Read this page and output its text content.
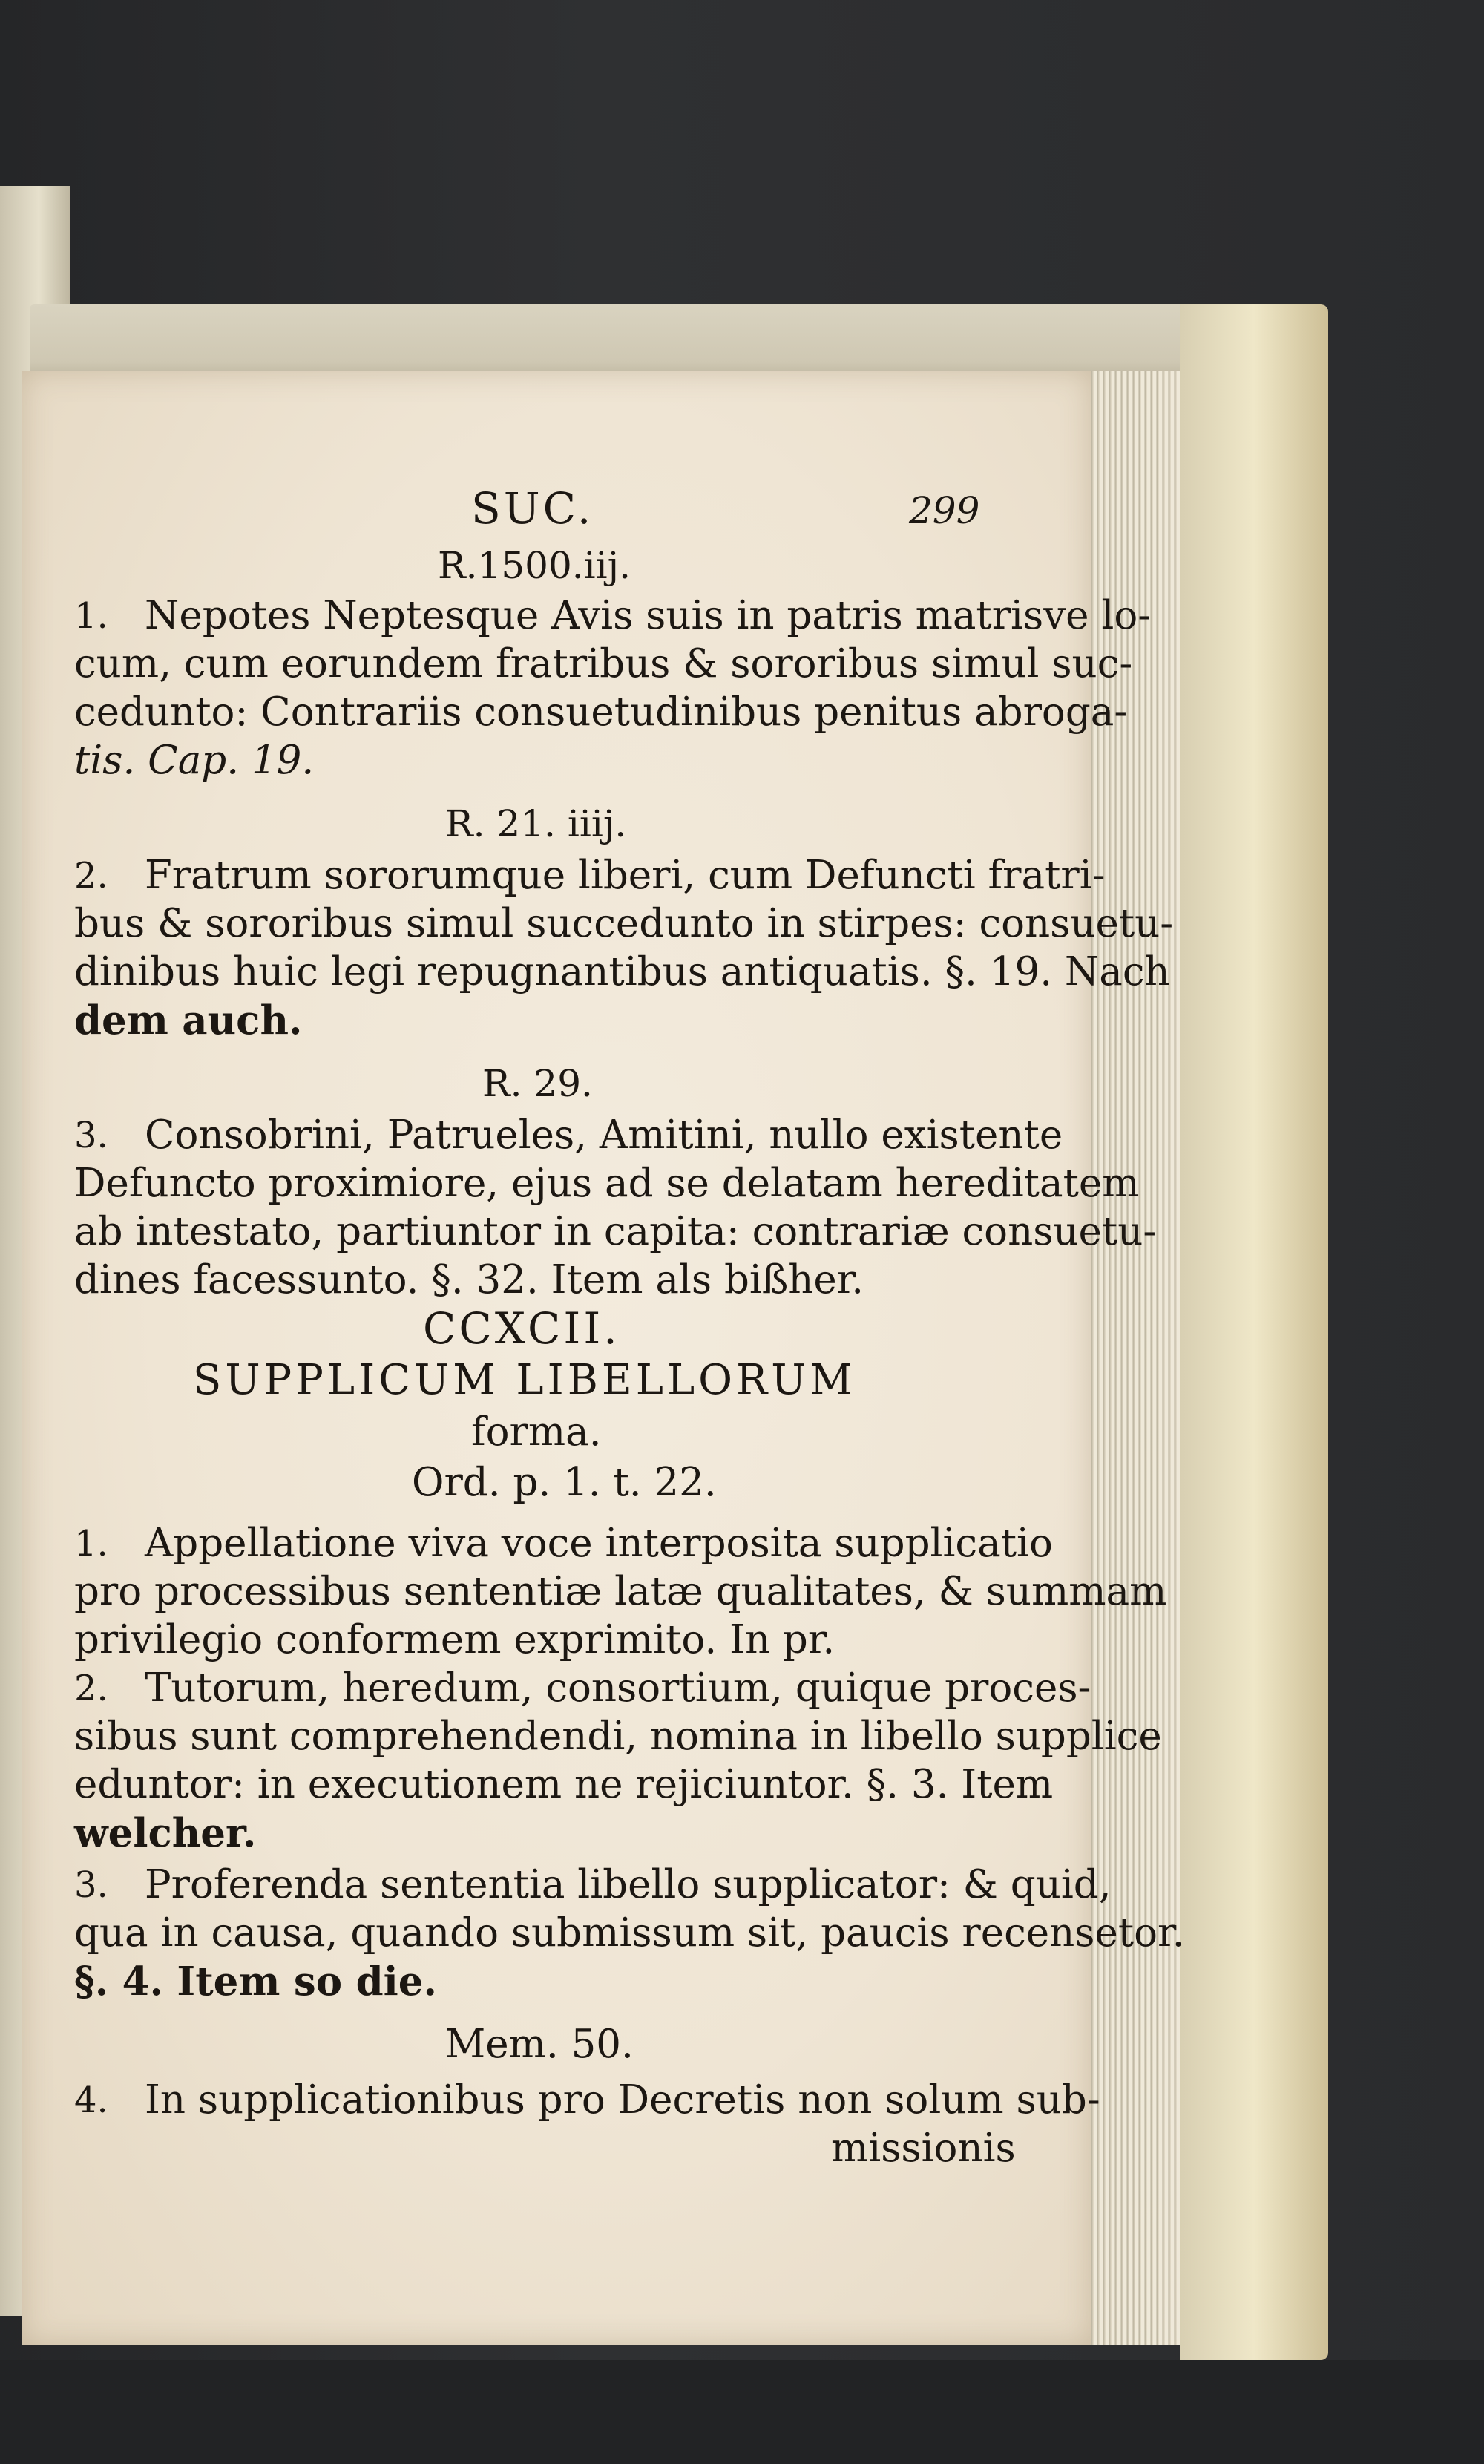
SUC.	299
R.1500.iij.
1. Nepotes Neptesque Avis suis in patris matrisve lo-
cum, cum eorundem fratribus & sororibus simul suc-
cedunto: Contrariis consuetudinibus penitus abroga-
tis. Cap. 19.
R. 21. iiij.
2. Fratrum sororumque liberi, cum Defuncti fratri-
bus & sororibus simul succedunto in stirpes: consuetu-
dinibus huic legi repugnantibus antiquatis. §. 19. Nach
dem auch.
R. 29.
3. Consobrini, Patrueles, Amitini, nullo existente
Defuncto proximiore, ejus ad se delatam hereditatem
ab intestato, partiuntor in capita: contrariæ consuetu-
dines facessunto. §. 32. Item als bißher.
CCXCII.
SUPPLICUM LIBELLORUM
forma.
Ord. p. 1. t. 22.
1. Appellatione viva voce interposita supplicatio
pro processibus sententiæ latæ qualitates, & summam
privilegio conformem exprimito. In pr.
2. Tutorum, heredum, consortium, quique proces-
sibus sunt comprehendendi, nomina in libello supplice
eduntor: in executionem ne rejiciuntor. §. 3. Item
welcher.
3. Proferenda sententia libello supplicator: & quid,
qua in causa, quando submissum sit, paucis recensetor.
§. 4. Item so die.
Mem. 50.
4. In supplicationibus pro Decretis non solum sub-
missionis
